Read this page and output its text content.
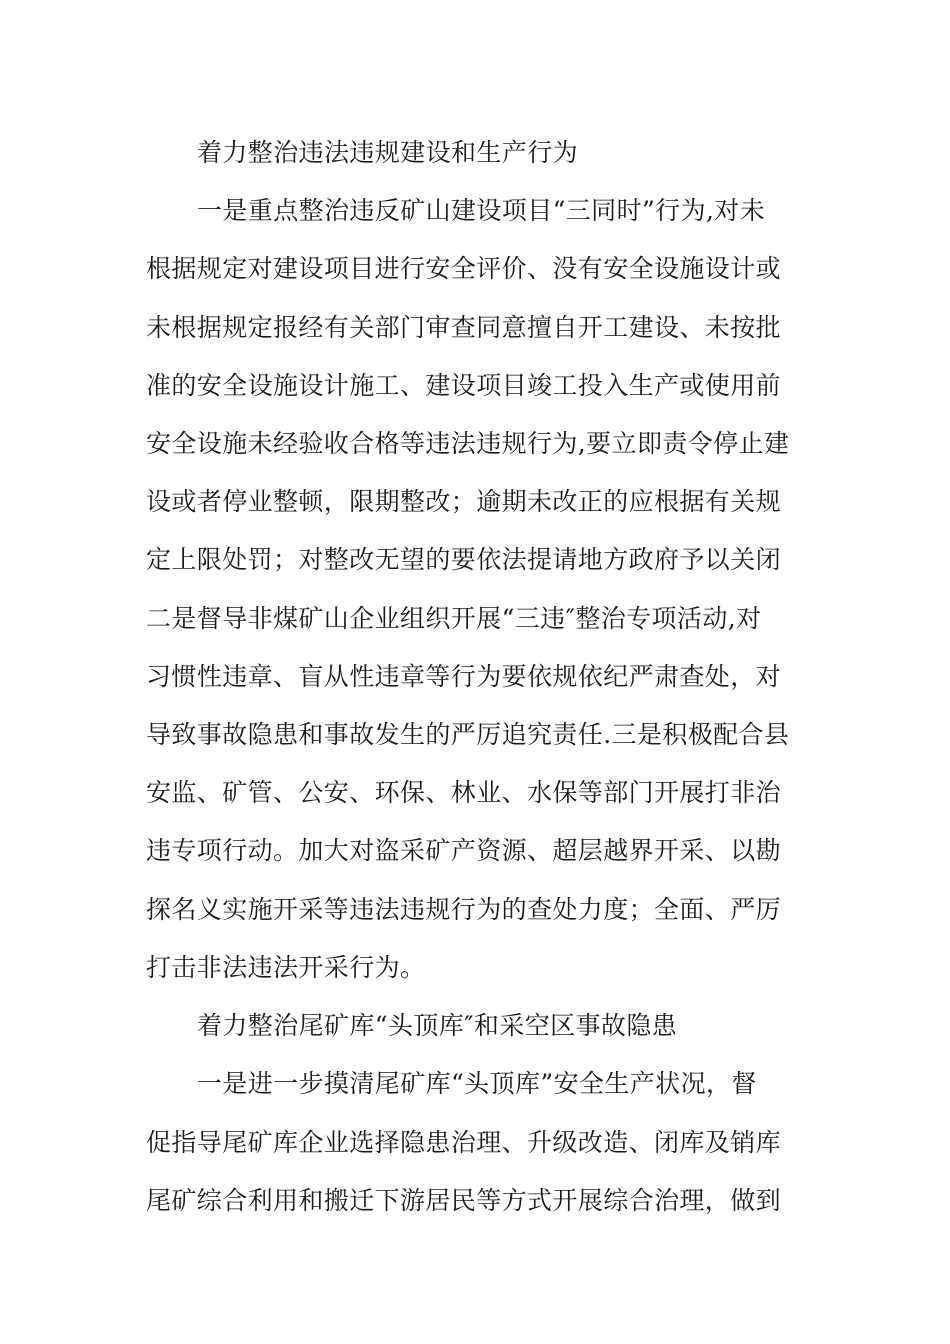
着力整治违法违规建设和生产行为
一是重点整治违反矿山建设项目“三同时”行为,对未
根据规定对建设项目进行安全评价、没有安全设施设计或
未根据规定报经有关部门审查同意擅自开工建设、未按批
准的安全设施设计施工、建设项目竣工投入生产或使用前
安全设施未经验收合格等违法违规行为,要立即责令停止建
设或者停业整顿，限期整改；逾期未改正的应根据有关规
定上限处罚；对整改无望的要依法提请地方政府予以关闭
二是督导非煤矿山企业组织开展“三违″整治专项活动,对
习惯性违章、盲从性违章等行为要依规依纪严肃查处，对
导致事故隐患和事故发生的严厉追究责任.三是积极配合县
安监、矿管、公安、环保、林业、水保等部门开展打非治
违专项行动。加大对盗采矿产资源、超层越界开采、以勘
探名义实施开采等违法违规行为的查处力度；全面、严厉
打击非法违法开采行为。
着力整治尾矿库“头顶库″和采空区事故隐患
一是进一步摸清尾矿库“头顶库”安全生产状况，督
促指导尾矿库企业选择隐患治理、升级改造、闭库及销库
尾矿综合利用和搬迁下游居民等方式开展综合治理，做到
